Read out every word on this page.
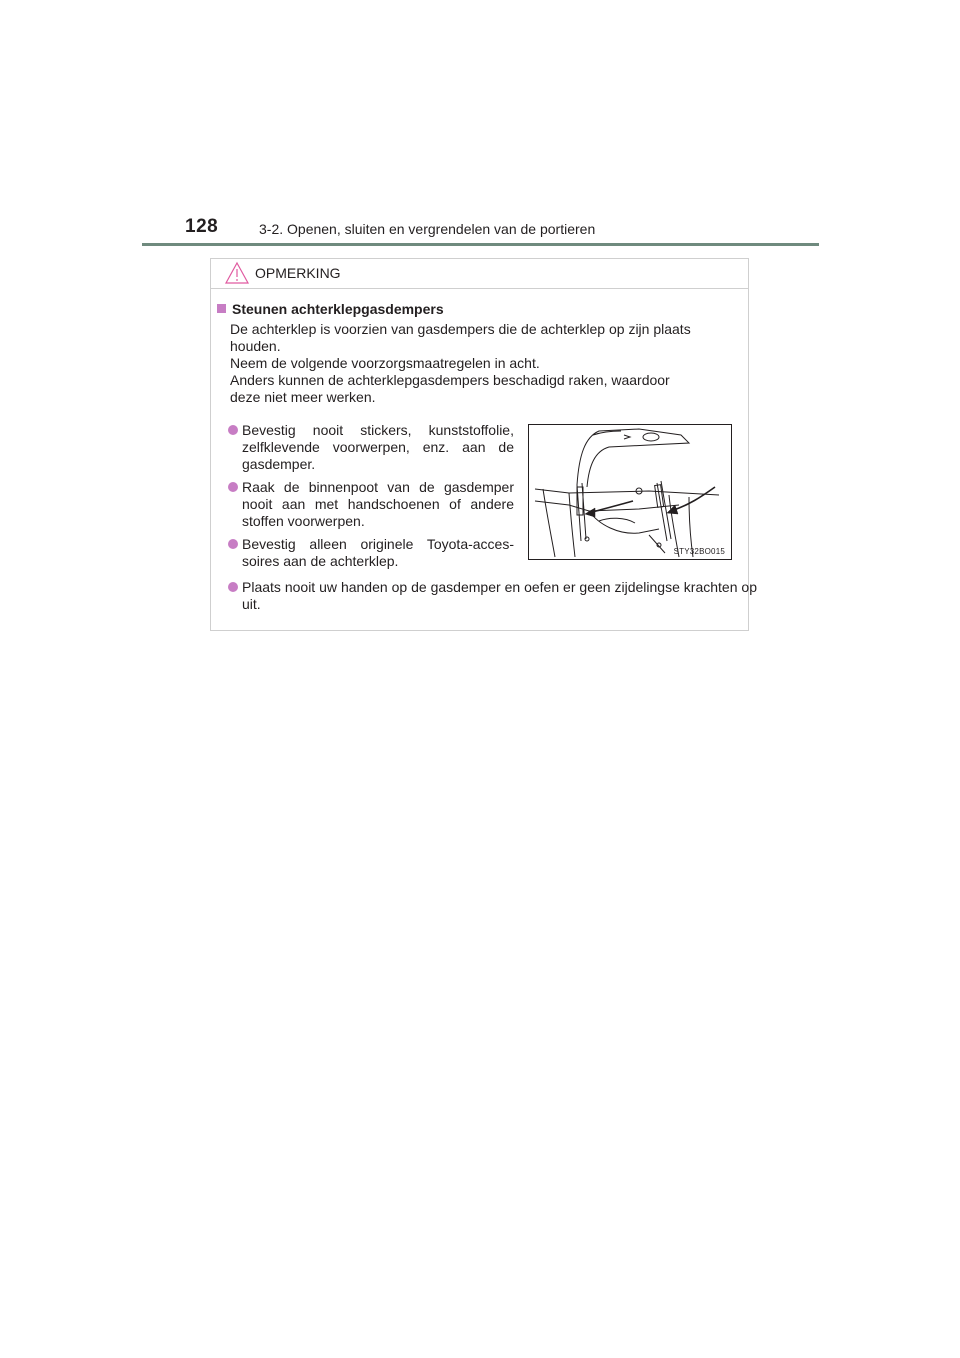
128	3-2. Openen, sluiten en vergrendelen van de portieren
OPMERKING
Steunen achterklepgasdempers

De achterklep is voorzien van gasdempers die de achterklep op zijn plaats
houden.
Neem de volgende voorzorgsmaatregelen in acht.
Anders kunnen de achterklepgasdempers beschadigd raken, waardoor
deze niet meer werken.

Bevestig nooit stickers, kunststoffolie, zelfklevende voorwerpen, enz. aan de gasdemper.
Raak de binnenpoot van de gasdemper nooit aan met handschoenen of andere stoffen voorwerpen.
Bevestig alleen originele Toyota-acces-soires aan de achterklep.
Plaats nooit uw handen op de gasdemper en oefen er geen zijdelingse krachten op uit.
STY32BO015
